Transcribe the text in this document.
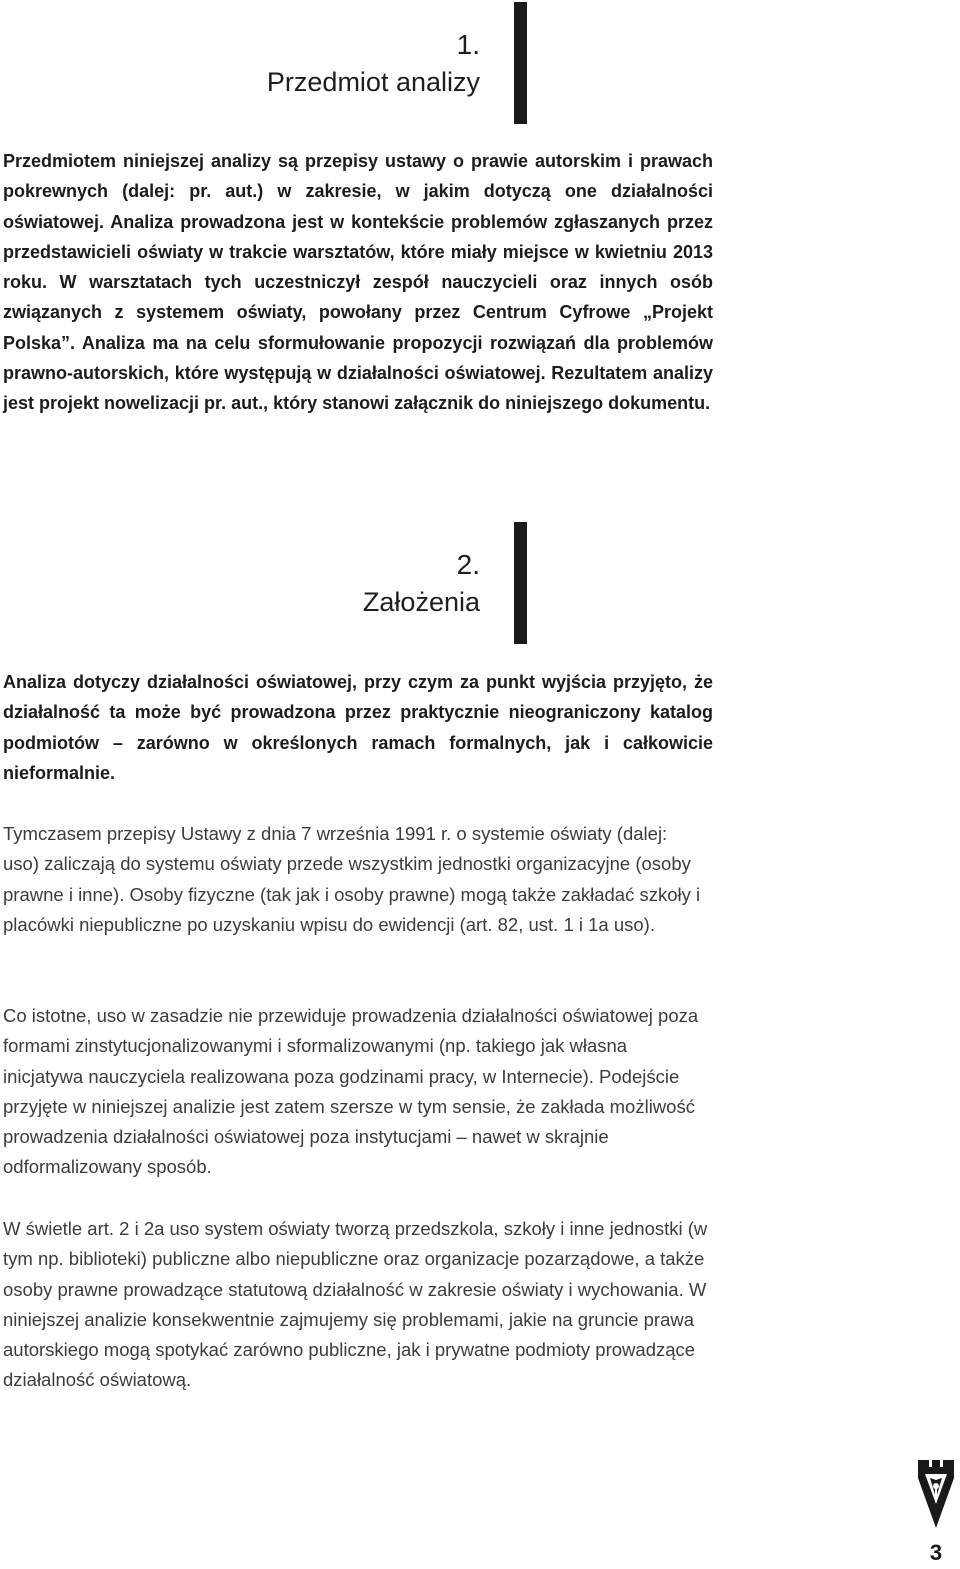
1.
Przedmiot analizy

Przedmiotem niniejszej analizy są przepisy ustawy o prawie autorskim i prawach pokrewnych (dalej: pr. aut.) w zakresie, w jakim dotyczą one działalności oświatowej. Analiza prowadzona jest w kontekście problemów zgłaszanych przez przedstawicieli oświaty w trakcie warsztatów, które miały miejsce w kwietniu 2013 roku. W warsztatach tych uczestniczył zespół nauczycieli oraz innych osób związanych z systemem oświaty, powołany przez Centrum Cyfrowe „Projekt Polska”. Analiza ma na celu sformułowanie propozycji rozwiązań dla problemów prawno-autorskich, które występują w działalności oświatowej. Rezultatem analizy jest projekt nowelizacji pr. aut., który stanowi załącznik do niniejszego dokumentu.

2.
Założenia

Analiza dotyczy działalności oświatowej, przy czym za punkt wyjścia przyjęto, że działalność ta może być prowadzona przez praktycznie nieograniczony katalog podmiotów – zarówno w określonych ramach formalnych, jak i całkowicie nieformalnie.

Tymczasem przepisy Ustawy z dnia 7 września 1991 r. o systemie oświaty (dalej: uso) zaliczają do systemu oświaty przede wszystkim jednostki organizacyjne (osoby prawne i inne). Osoby fizyczne (tak jak i osoby prawne) mogą także zakładać szkoły i placówki niepubliczne po uzyskaniu wpisu do ewidencji (art. 82, ust. 1 i 1a uso).

Co istotne, uso w zasadzie nie przewiduje prowadzenia działalności oświatowej poza formami zinstytucjonalizowanymi i sformalizowanymi (np. takiego jak własna inicjatywa nauczyciela realizowana poza godzinami pracy, w Internecie). Podejście przyjęte w niniejszej analizie jest zatem szersze w tym sensie, że zakłada możliwość prowadzenia działalności oświatowej poza instytucjami – nawet w skrajnie odformalizowany sposób.

W świetle art. 2 i 2a uso system oświaty tworzą przedszkola, szkoły i inne jednostki (w tym np. biblioteki) publiczne albo niepubliczne oraz organizacje pozarządowe, a także osoby prawne prowadzące statutową działalność w zakresie oświaty i wychowania. W niniejszej analizie konsekwentnie zajmujemy się problemami, jakie na gruncie prawa autorskiego mogą spotykać zarówno publiczne, jak i prywatne podmioty prowadzące działalność oświatową.

3
